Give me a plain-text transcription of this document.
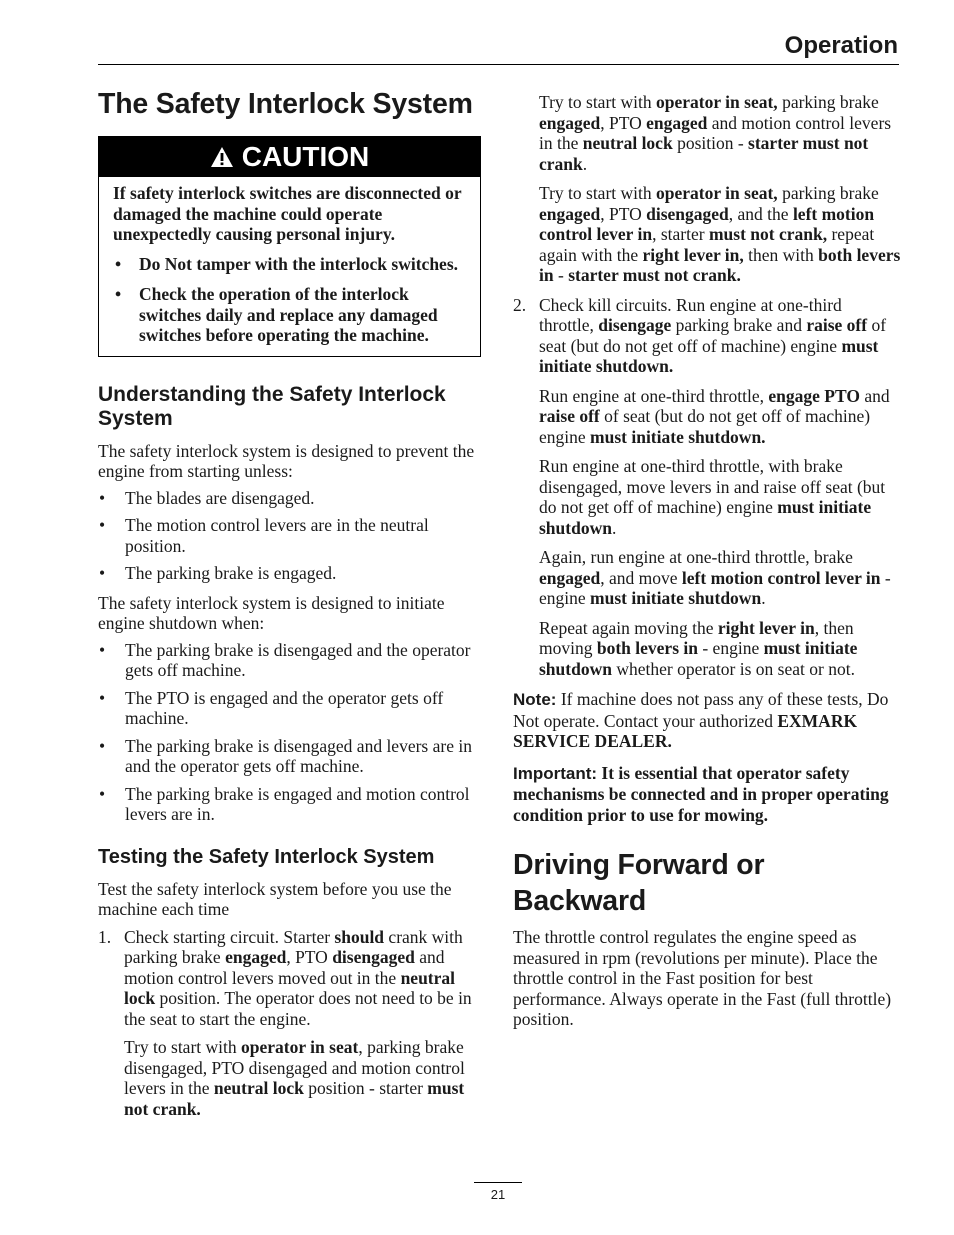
Operation
The Safety Interlock System
CAUTION

If safety interlock switches are disconnected or damaged the machine could operate unexpectedly causing personal injury.

• Do Not tamper with the interlock switches.
• Check the operation of the interlock switches daily and replace any damaged switches before operating the machine.
Understanding the Safety Interlock System

The safety interlock system is designed to prevent the engine from starting unless:

• The blades are disengaged.
• The motion control levers are in the neutral position.
• The parking brake is engaged.

The safety interlock system is designed to initiate engine shutdown when:

• The parking brake is disengaged and the operator gets off machine.
• The PTO is engaged and the operator gets off machine.
• The parking brake is disengaged and levers are in and the operator gets off machine.
• The parking brake is engaged and motion control levers are in.
Testing the Safety Interlock System

Test the safety interlock system before you use the machine each time

1. Check starting circuit. Starter should crank with parking brake engaged, PTO disengaged and motion control levers moved out in the neutral lock position. The operator does not need to be in the seat to start the engine.

Try to start with operator in seat, parking brake disengaged, PTO disengaged and motion control levers in the neutral lock position - starter must not crank.

Try to start with operator in seat, parking brake engaged, PTO engaged and motion control levers in the neutral lock position - starter must not crank.

Try to start with operator in seat, parking brake engaged, PTO disengaged, and the left motion control lever in, starter must not crank, repeat again with the right lever in, then with both levers in - starter must not crank.

2. Check kill circuits. Run engine at one-third throttle, disengage parking brake and raise off of seat (but do not get off of machine) engine must initiate shutdown.

Run engine at one-third throttle, engage PTO and raise off of seat (but do not get off of machine) engine must initiate shutdown.

Run engine at one-third throttle, with brake disengaged, move levers in and raise off seat (but do not get off of machine) engine must initiate shutdown.

Again, run engine at one-third throttle, brake engaged, and move left motion control lever in - engine must initiate shutdown.

Repeat again moving the right lever in, then moving both levers in - engine must initiate shutdown whether operator is on seat or not.

Note: If machine does not pass any of these tests, Do Not operate. Contact your authorized EXMARK SERVICE DEALER.

Important: It is essential that operator safety mechanisms be connected and in proper operating condition prior to use for mowing.

Driving Forward or Backward

The throttle control regulates the engine speed as measured in rpm (revolutions per minute). Place the throttle control in the Fast position for best performance. Always operate in the Fast (full throttle) position.

21
